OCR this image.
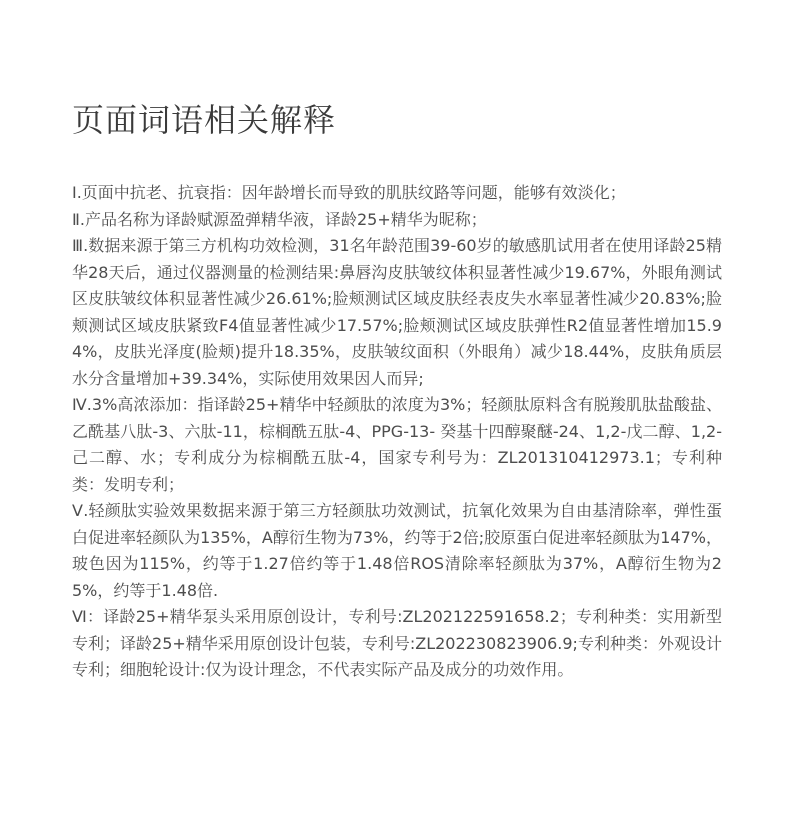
页面词语相关解释

Ⅰ.页面中抗老、抗衰指：因年龄增长而导致的肌肤纹路等问题，能够有效淡化；

Ⅱ.产品名称为译龄赋源盈弹精华液，译龄25+精华为昵称；

Ⅲ.数据来源于第三方机构功效检测，31名年龄范围39-60岁的敏感肌试用者在使用译龄25精华28天后，通过仪器测量的检测结果:鼻唇沟皮肤皱纹体积显著性减少19.67%，外眼角测试区皮肤皱纹体积显著性减少26.61%;脸颊测试区域皮肤经表皮失水率显著性减少20.83%;脸颊测试区域皮肤紧致F4值显著性减少17.57%;脸颊测试区域皮肤弹性R2值显著性增加15.94%，皮肤光泽度(脸颊)提升18.35%，皮肤皱纹面积（外眼角）减少18.44%，皮肤角质层水分含量增加+39.34%，实际使用效果因人而异;

Ⅳ.3%高浓添加：指译龄25+精华中轻颜肽的浓度为3%；轻颜肽原料含有脱羧肌肽盐酸盐、乙酰基八肽-3、六肽-11，棕榈酰五肽-4、PPG-13- 癸基十四醇聚醚-24、1,2-戊二醇、1,2-己二醇、水；专利成分为棕榈酰五肽-4，国家专利号为：ZL201310412973.1；专利种类：发明专利；

Ⅴ.轻颜肽实验效果数据来源于第三方轻颜肽功效测试，抗氧化效果为自由基清除率，弹性蛋白促进率轻颜队为135%，A醇衍生物为73%，约等于2倍;胶原蛋白促进率轻颜肽为147%，玻色因为115%，约等于1.27倍约等于1.48倍ROS清除率轻颜肽为37%，A醇衍生物为25%，约等于1.48倍.

Ⅵ：译龄25+精华泵头采用原创设计，专利号:ZL202122591658.2；专利种类：实用新型专利；译龄25+精华采用原创设计包装，专利号:ZL202230823906.9;专利种类：外观设计专利；细胞轮设计:仅为设计理念，不代表实际产品及成分的功效作用。
